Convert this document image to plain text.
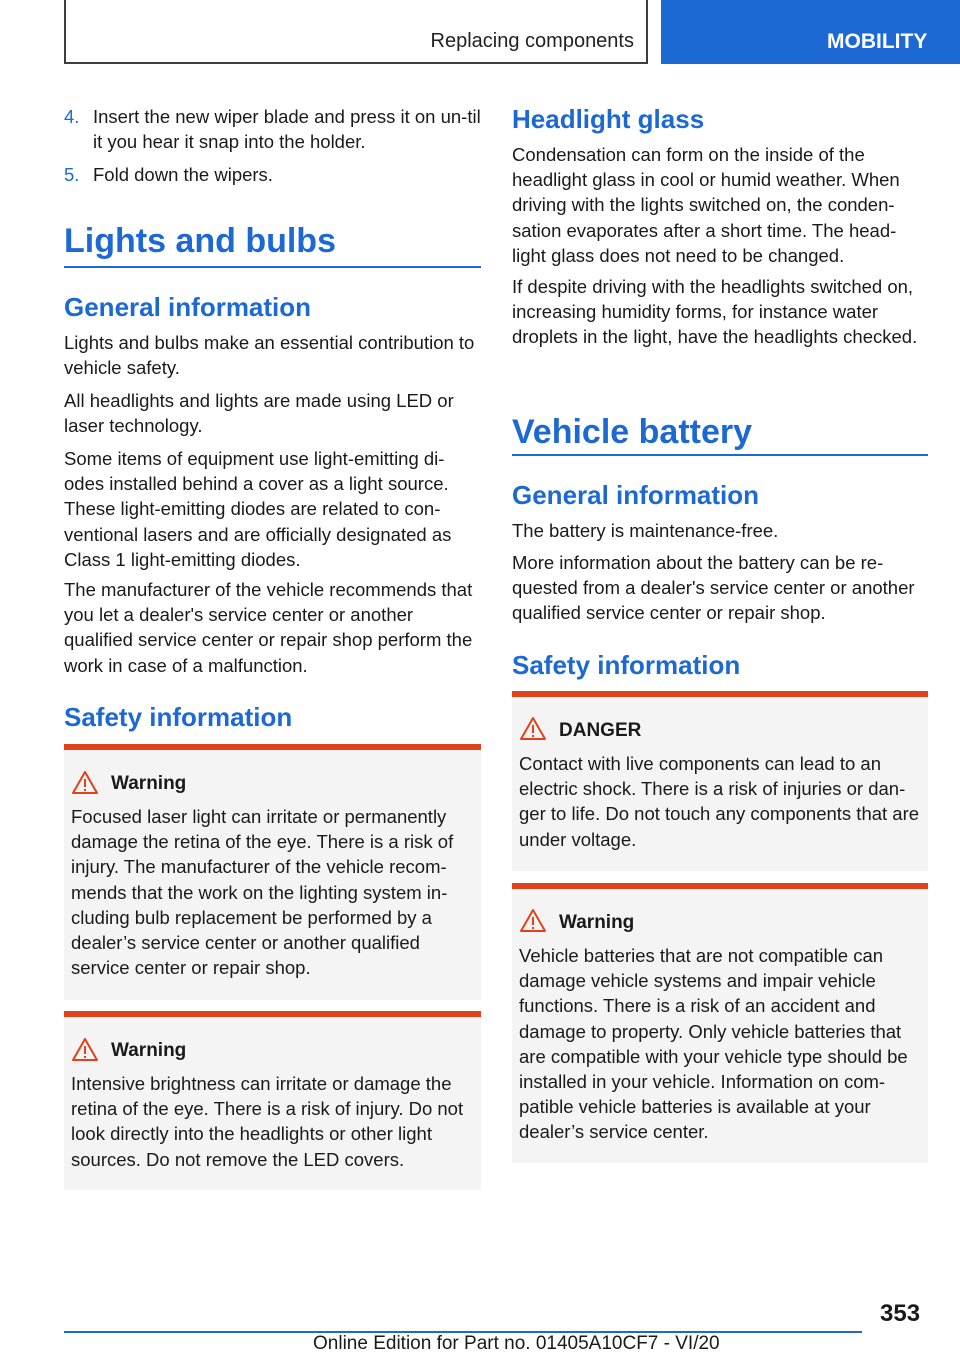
Replacing components	MOBILITY
4. Insert the new wiper blade and press it on un-til it you hear it snap into the holder.
5. Fold down the wipers.
Lights and bulbs
General information

Lights and bulbs make an essential contribution to vehicle safety.

All headlights and lights are made using LED or laser technology.

Some items of equipment use light-emitting di-odes installed behind a cover as a light source. These light-emitting diodes are related to con-ventional lasers and are officially designated as Class 1 light-emitting diodes.

The manufacturer of the vehicle recommends that you let a dealer's service center or another qualified service center or repair shop perform the work in case of a malfunction.

Safety information
Warning
Focused laser light can irritate or permanently damage the retina of the eye. There is a risk of injury. The manufacturer of the vehicle recom-mends that the work on the lighting system in-cluding bulb replacement be performed by a dealer’s service center or another qualified service center or repair shop.
Warning
Intensive brightness can irritate or damage the retina of the eye. There is a risk of injury. Do not look directly into the headlights or other light sources. Do not remove the LED covers.
Headlight glass

Condensation can form on the inside of the headlight glass in cool or humid weather. When driving with the lights switched on, the conden-sation evaporates after a short time. The head-light glass does not need to be changed.

If despite driving with the headlights switched on, increasing humidity forms, for instance water droplets in the light, have the headlights checked.

Vehicle battery
General information

The battery is maintenance-free.

More information about the battery can be re-quested from a dealer's service center or another qualified service center or repair shop.

Safety information
DANGER
Contact with live components can lead to an electric shock. There is a risk of injuries or dan-ger to life. Do not touch any components that are under voltage.
Warning
Vehicle batteries that are not compatible can damage vehicle systems and impair vehicle functions. There is a risk of an accident and damage to property. Only vehicle batteries that are compatible with your vehicle type should be installed in your vehicle. Information on com-patible vehicle batteries is available at your dealer’s service center.
353
Online Edition for Part no. 01405A10CF7 - VI/20
